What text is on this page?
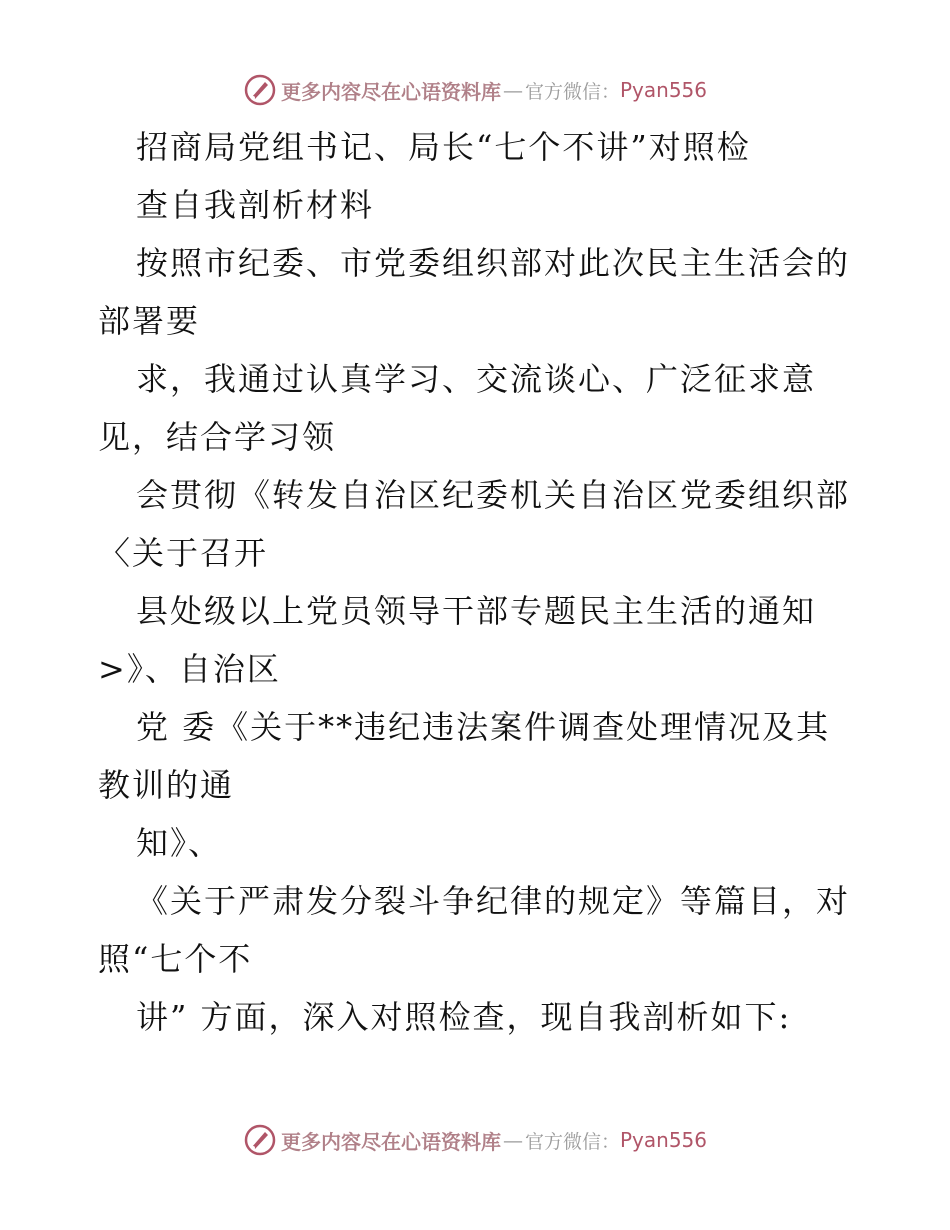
更多内容尽在心语资料库 — 官方微信： Pyan556
招商局党组书记、局长“七个不讲”对照检
查自我剖析材料
按照市纪委、市党委组织部对此次民主生活会的
部署要
求，我通过认真学习、交流谈心、广泛征求意
见，结合学习领
会贯彻《转发自治区纪委机关自治区党委组织部
〈关于召开
县处级以上党员领导干部专题民主生活的通知
>》、自治区
党 委《关于**违纪违法案件调查处理情况及其
教训的通
知》、
《关于严肃发分裂斗争纪律的规定》等篇目，对
照“七个不
讲” 方面，深入对照检查，现自我剖析如下:
更多内容尽在心语资料库 — 官方微信： Pyan556
